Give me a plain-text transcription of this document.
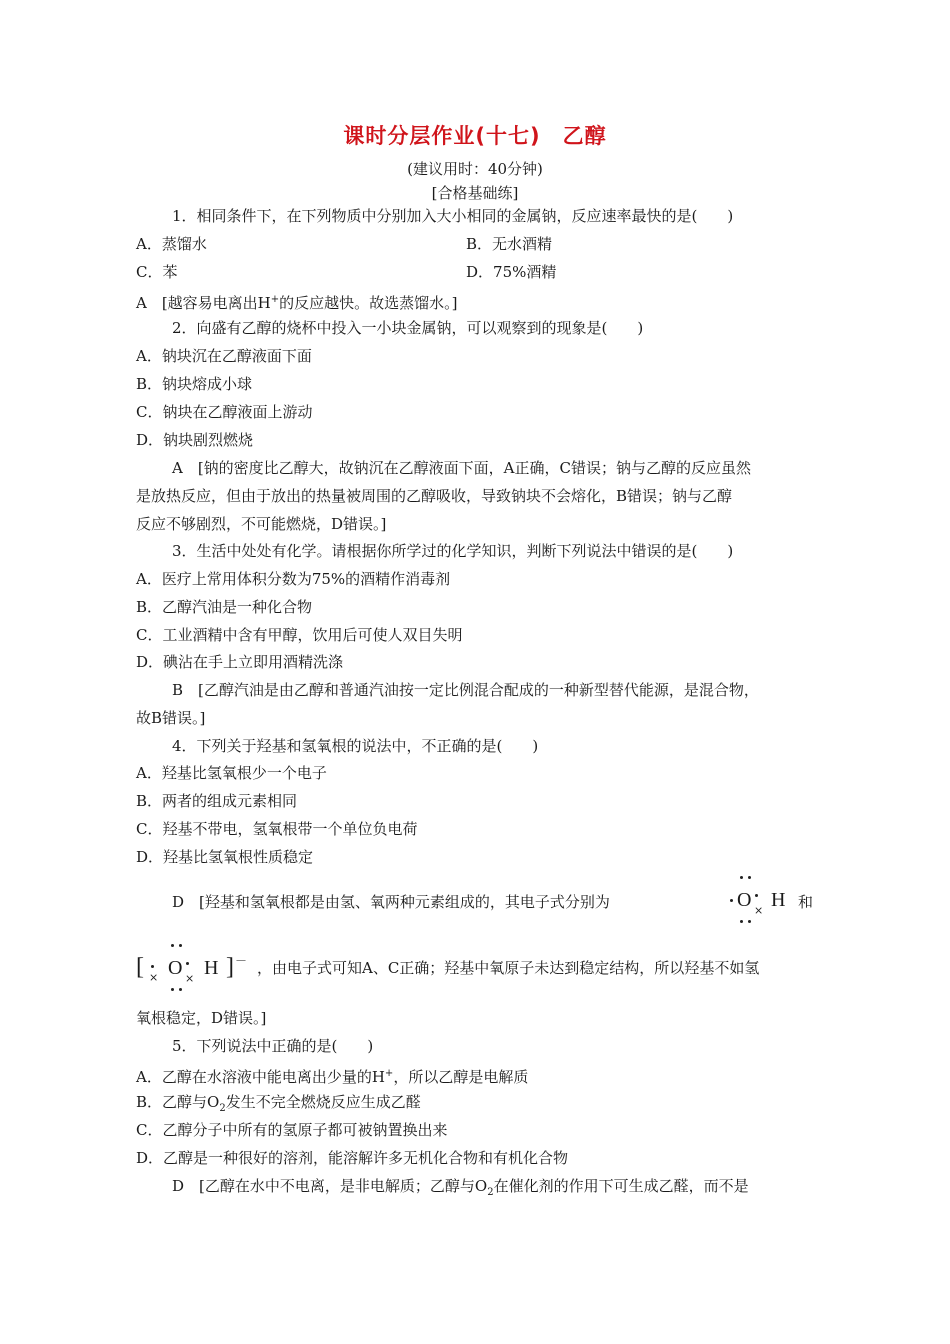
课时分层作业(十七) 乙醇
(建议用时：40分钟)
[合格基础练]
1．相同条件下，在下列物质中分别加入大小相同的金属钠，反应速率最快的是(　　)
A．蒸馏水	B．无水酒精
C．苯	D．75%酒精
A　[越容易电离出H+的反应越快。故选蒸馏水。]
2．向盛有乙醇的烧杯中投入一小块金属钠，可以观察到的现象是(　　)
A．钠块沉在乙醇液面下面
B．钠块熔成小球
C．钠块在乙醇液面上游动
D．钠块剧烈燃烧
A　[钠的密度比乙醇大，故钠沉在乙醇液面下面，A正确，C错误；钠与乙醇的反应虽然
是放热反应，但由于放出的热量被周围的乙醇吸收，导致钠块不会熔化，B错误；钠与乙醇
反应不够剧烈，不可能燃烧，D错误。]
3．生活中处处有化学。请根据你所学过的化学知识，判断下列说法中错误的是(　　)
A．医疗上常用体积分数为75%的酒精作消毒剂
B．乙醇汽油是一种化合物
C．工业酒精中含有甲醇，饮用后可使人双目失明
D．碘沾在手上立即用酒精洗涤
B　[乙醇汽油是由乙醇和普通汽油按一定比例混合配成的一种新型替代能源，是混合物，
故B错误。]
4．下列关于羟基和氢氧根的说法中，不正确的是(　　)
A．羟基比氢氧根少一个电子
B．两者的组成元素相同
C．羟基不带电，氢氧根带一个单位负电荷
D．羟基比氢氧根性质稳定
D　[羟基和氢氧根都是由氢、氧两种元素组成的，其电子式分别为	O × H 和
[ × O × H ] － ，由电子式可知A、C正确；羟基中氧原子未达到稳定结构，所以羟基不如氢
氧根稳定，D错误。]
5．下列说法中正确的是(　　)
A．乙醇在水溶液中能电离出少量的H+，所以乙醇是电解质
B．乙醇与$O_2$发生不完全燃烧反应生成乙醛
C．乙醇分子中所有的氢原子都可被钠置换出来
D．乙醇是一种很好的溶剂，能溶解许多无机化合物和有机化合物
D　[乙醇在水中不电离，是非电解质；乙醇与$O_2$在催化剂的作用下可生成乙醛，而不是
